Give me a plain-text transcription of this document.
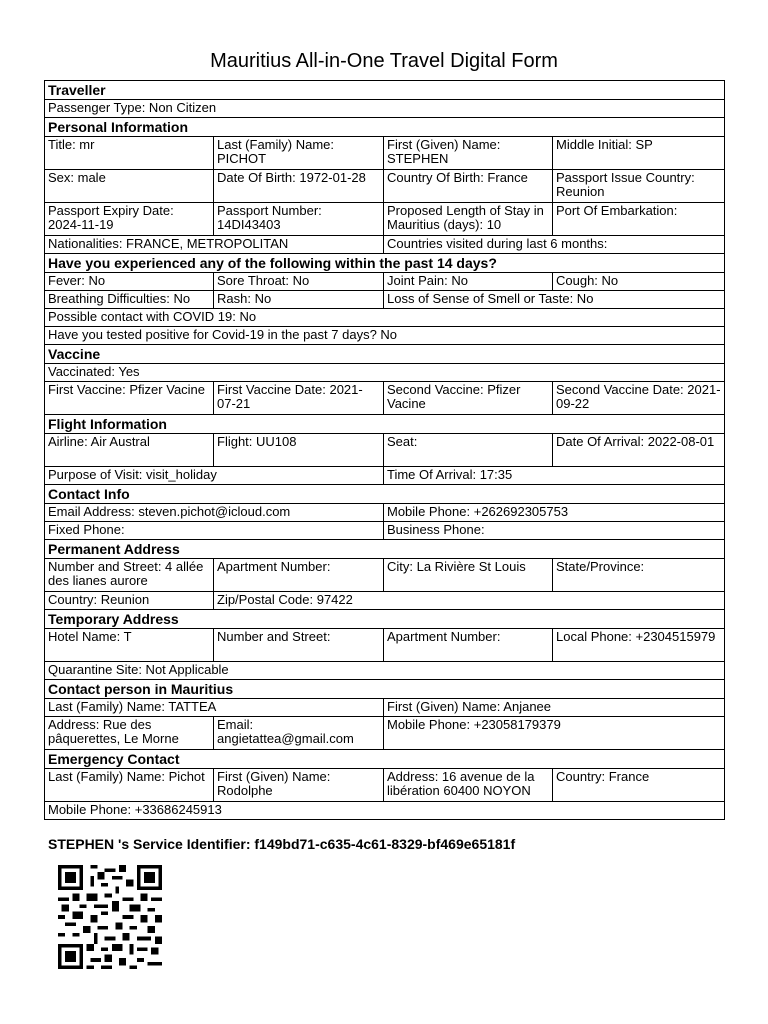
Mauritius All-in-One Travel Digital Form
Traveller			
Passenger Type: Non Citizen			
Personal Information			
Title: mr	Last (Family) Name: PICHOT	First (Given) Name: STEPHEN	Middle Initial: SP
Sex: male	Date Of Birth: 1972-01-28	Country Of Birth: France	Passport Issue Country: Reunion
Passport Expiry Date: 2024-11-19	Passport Number: 14DI43403	Proposed Length of Stay in Mauritius (days): 10	Port Of Embarkation:
Nationalities: FRANCE, METROPOLITAN		Countries visited during last 6 months:	
Have you experienced any of the following within the past 14 days?			
Fever: No	Sore Throat: No	Joint Pain: No	Cough: No
Breathing Difficulties: No	Rash: No	Loss of Sense of Smell or Taste: No	
Possible contact with COVID 19: No			
Have you tested positive for Covid-19 in the past 7 days? No			
Vaccine			
Vaccinated: Yes			
First Vaccine: Pfizer Vacine	First Vaccine Date: 2021-07-21	Second Vaccine: Pfizer Vacine	Second Vaccine Date: 2021-09-22
Flight Information			
Airline: Air Austral	Flight: UU108	Seat:	Date Of Arrival: 2022-08-01
Purpose of Visit: visit_holiday		Time Of Arrival: 17:35	
Contact Info			
Email Address: steven.pichot@icloud.com		Mobile Phone: +262692305753	
Fixed Phone:		Business Phone:	
Permanent Address			
Number and Street: 4 allée des lianes aurore	Apartment Number:	City: La Rivière St Louis	State/Province:
Country: Reunion	Zip/Postal Code: 97422		
Temporary Address			
Hotel Name: T	Number and Street:	Apartment Number:	Local Phone: +2304515979
Quarantine Site: Not Applicable			
Contact person in Mauritius			
Last (Family) Name: TATTEA		First (Given) Name: Anjanee	
Address: Rue des pâquerettes, Le Morne	Email: angietattea@gmail.com	Mobile Phone: +23058179379	
Emergency Contact			
Last (Family) Name: Pichot	First (Given) Name: Rodolphe	Address: 16 avenue de la libération 60400 NOYON	Country: France
Mobile Phone: +33686245913			
STEPHEN 's Service Identifier: f149bd71-c635-4c61-8329-bf469e65181f
